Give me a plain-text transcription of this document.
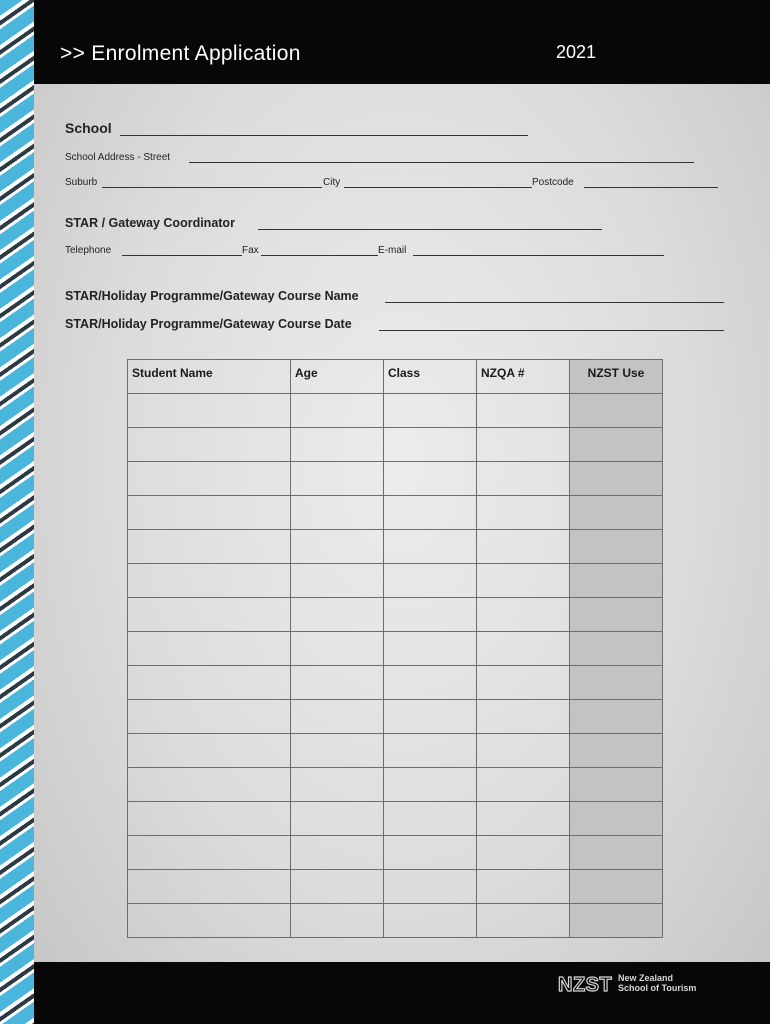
>> Enrolment Application	2021
School
School Address - Street
Suburb	City	Postcode
STAR / Gateway Coordinator
Telephone	Fax	E-mail
STAR/Holiday Programme/Gateway Course Name
STAR/Holiday Programme/Gateway Course Date
Student Name	Age	Class	NZQA #	NZST Use

NZST New Zealand
School of Tourism
